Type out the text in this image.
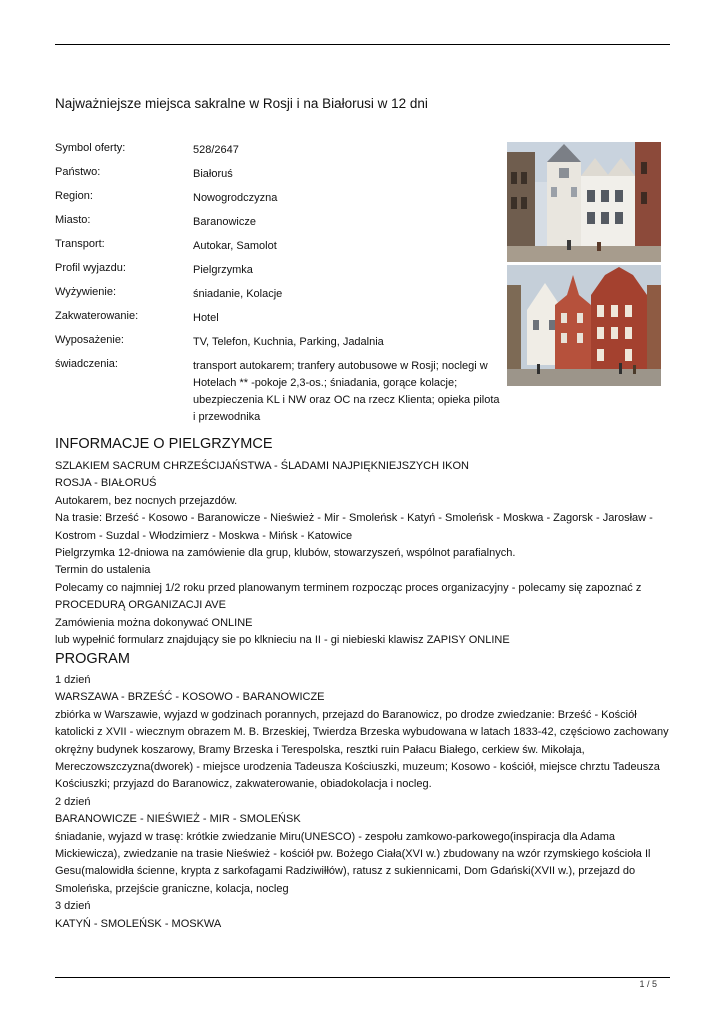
Najważniejsze miejsca sakralne w Rosji i na Białorusi w 12 dni
Symbol oferty:	528/2647
Państwo:	Białoruś
Region:	Nowogrodczyzna
Miasto:	Baranowicze
Transport:	Autokar, Samolot
Profil wyjazdu:	Pielgrzymka
Wyżywienie:	śniadanie, Kolacje
Zakwaterowanie:	Hotel
Wyposażenie:	TV, Telefon, Kuchnia, Parking, Jadalnia
świadczenia:	transport autokarem; tranfery autobusowe w Rosji; noclegi w Hotelach ** -pokoje 2,3-os.; śniadania, gorące kolacje; ubezpieczenia KL i NW oraz OC na rzecz Klienta; opieka pilota i przewodnika
INFORMACJE O PIELGRZYMCE

SZLAKIEM SACRUM CHRZEŚCIJAŃSTWA - ŚLADAMI NAJPIĘKNIEJSZYCH IKON

ROSJA - BIAŁORUŚ

Autokarem, bez nocnych przejazdów.

Na trasie: Brześć - Kosowo - Baranowicze - Nieśwież - Mir - Smoleńsk - Katyń - Smoleńsk - Moskwa - Zagorsk - Jarosław - Kostrom - Suzdal - Włodzimierz - Moskwa - Mińsk - Katowice

Pielgrzymka 12-dniowa na zamówienie dla grup, klubów, stowarzyszeń, wspólnot parafialnych.

Termin do ustalenia

Polecamy co najmniej 1/2 roku przed planowanym terminem rozpocząc proces organizacyjny - polecamy się zapoznać z PROCEDURĄ ORGANIZACJI AVE

Zamówienia można dokonywać ONLINE

lub wypełnić formularz znajdujący sie po klknieciu na II - gi niebieski klawisz ZAPISY ONLINE

PROGRAM

1 dzień

WARSZAWA - BRZEŚĆ - KOSOWO - BARANOWICZE

zbiórka w Warszawie, wyjazd w godzinach porannych, przejazd do Baranowicz, po drodze zwiedzanie: Brześć - Kościół katolicki z XVII - wiecznym obrazem M. B. Brzeskiej, Twierdza Brzeska wybudowana w latach 1833-42, częściowo zachowany okrężny budynek koszarowy, Bramy Brzeska i Terespolska, resztki ruin Pałacu Białego, cerkiew św. Mikołaja, Mereczowszczyzna(dworek) - miejsce urodzenia Tadeusza Kościuszki, muzeum; Kosowo - kościół, miejsce chrztu Tadeusza Kościuszki; przyjazd do Baranowicz, zakwaterowanie, obiadokolacja i nocleg.

2 dzień

BARANOWICZE - NIEŚWIEŻ - MIR - SMOLEŃSK

śniadanie, wyjazd w trasę: krótkie zwiedzanie Miru(UNESCO) - zespołu zamkowo-parkowego(inspiracja dla Adama Mickiewicza), zwiedzanie na trasie Nieśwież - kościół pw. Bożego Ciała(XVI w.) zbudowany na wzór rzymskiego kościoła Il Gesu(malowidła ścienne, krypta z sarkofagami Radziwiłłów), ratusz z sukiennicami, Dom Gdański(XVII w.), przejazd do Smoleńska, przejście graniczne, kolacja, nocleg

3 dzień

KATYŃ - SMOLEŃSK - MOSKWA

1 / 5
